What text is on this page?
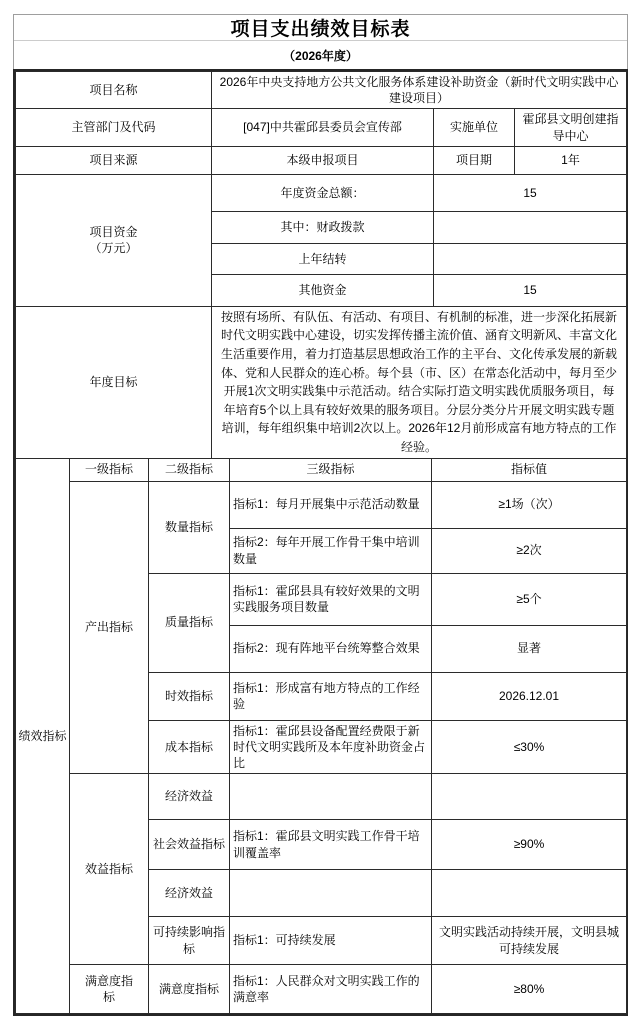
项目支出绩效目标表
（2026年度）
项目名称	2026年中央支持地方公共文化服务体系建设补助资金（新时代文明实践中心建设项目）		
主管部门及代码	[047]中共霍邱县委员会宣传部	实施单位	霍邱县文明创建指导中心
项目来源	本级申报项目	项目期	1年

项目资金
（万元）	年度资金总额：	15	
	其中：财政拨款		
	上年结转		
	其他资金	15	
年度目标	按照有场所、有队伍、有活动、有项目、有机制的标准，进一步深化拓展新时代文明实践中心建设，切实发挥传播主流价值、涵育文明新风、丰富文化生活重要作用，着力打造基层思想政治工作的主平台、文化传承发展的新载体、党和人民群众的连心桥。每个县（市、区）在常态化活动中，每月至少开展1次文明实践集中示范活动。结合实际打造文明实践优质服务项目，每年培育5个以上具有较好效果的服务项目。分层分类分片开展文明实践专题培训，每年组织集中培训2次以上。2026年12月前形成富有地方特点的工作经验。		
绩效指标	一级指标	二级指标	三级指标	指标值
	产出指标	数量指标	指标1：每月开展集中示范活动数量	≥1场（次）
			指标2：每年开展工作骨干集中培训数量	≥2次
		质量指标	指标1：霍邱县具有较好效果的文明实践服务项目数量	≥5个
			指标2：现有阵地平台统筹整合效果	显著
		时效指标	指标1：形成富有地方特点的工作经验	2026.12.01
		成本指标	指标1：霍邱县设备配置经费限于新时代文明实践所及本年度补助资金占比	≤30%
	效益指标	经济效益		
		社会效益指标	指标1：霍邱县文明实践工作骨干培训覆盖率	≥90%
		经济效益		
		可持续影响指标	指标1：可持续发展	文明实践活动持续开展，文明县城可持续发展
	满意度指标	满意度指标	指标1：人民群众对文明实践工作的满意率	≥80%
